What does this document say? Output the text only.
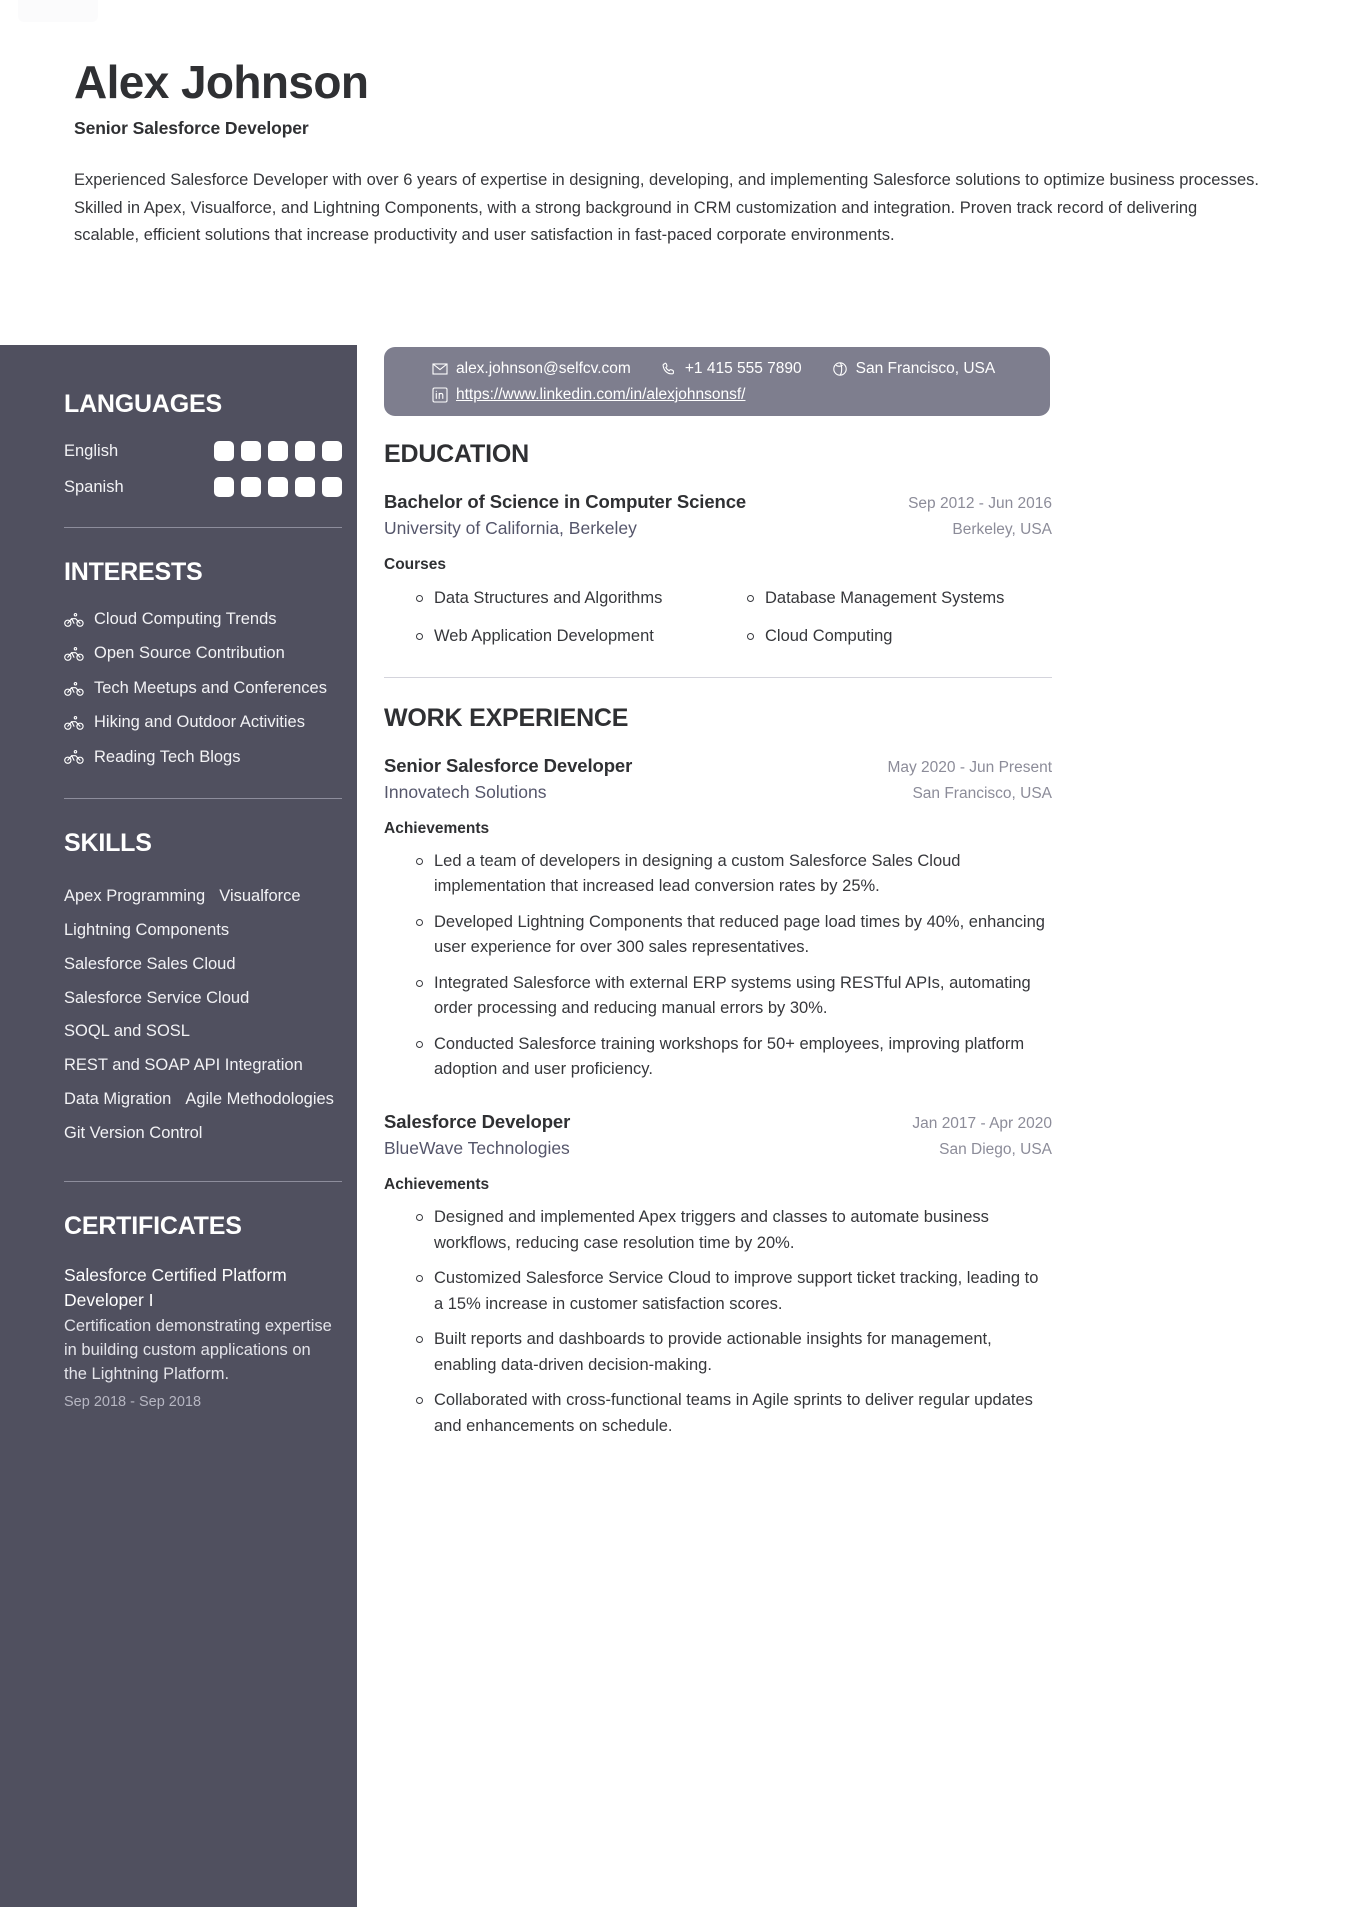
Alex Johnson
Senior Salesforce Developer
Experienced Salesforce Developer with over 6 years of expertise in designing, developing, and implementing Salesforce solutions to optimize business processes. Skilled in Apex, Visualforce, and Lightning Components, with a strong background in CRM customization and integration. Proven track record of delivering scalable, efficient solutions that increase productivity and user satisfaction in fast-paced corporate environments.
LANGUAGES
English
Spanish
INTERESTS
Cloud Computing Trends
Open Source Contribution
Tech Meetups and Conferences
Hiking and Outdoor Activities
Reading Tech Blogs
SKILLS
Apex Programming VisualforceLightning ComponentsSalesforce Sales CloudSalesforce Service CloudSOQL and SOSLREST and SOAP API IntegrationData Migration Agile MethodologiesGit Version Control
CERTIFICATES
Salesforce Certified Platform Developer I
Certification demonstrating expertise in building custom applications on the Lightning Platform.
Sep 2018 - Sep 2018
alex.johnson@selfcv.com	+1 415 555 7890	San Francisco, USA
https://www.linkedin.com/in/alexjohnsonsf/
EDUCATION
Bachelor of Science in Computer Science	Sep 2012 - Jun 2016
University of California, Berkeley	Berkeley, USA
Courses
Data Structures and Algorithms	Database Management Systems
Web Application Development	Cloud Computing
WORK EXPERIENCE
Senior Salesforce Developer	May 2020 - Jun Present
Innovatech Solutions	San Francisco, USA
Achievements
Led a team of developers in designing a custom Salesforce Sales Cloud implementation that increased lead conversion rates by 25%.
Developed Lightning Components that reduced page load times by 40%, enhancing user experience for over 300 sales representatives.
Integrated Salesforce with external ERP systems using RESTful APIs, automating order processing and reducing manual errors by 30%.
Conducted Salesforce training workshops for 50+ employees, improving platform adoption and user proficiency.
Salesforce Developer	Jan 2017 - Apr 2020
BlueWave Technologies	San Diego, USA
Achievements
Designed and implemented Apex triggers and classes to automate business workflows, reducing case resolution time by 20%.
Customized Salesforce Service Cloud to improve support ticket tracking, leading to a 15% increase in customer satisfaction scores.
Built reports and dashboards to provide actionable insights for management, enabling data-driven decision-making.
Collaborated with cross-functional teams in Agile sprints to deliver regular updates and enhancements on schedule.
